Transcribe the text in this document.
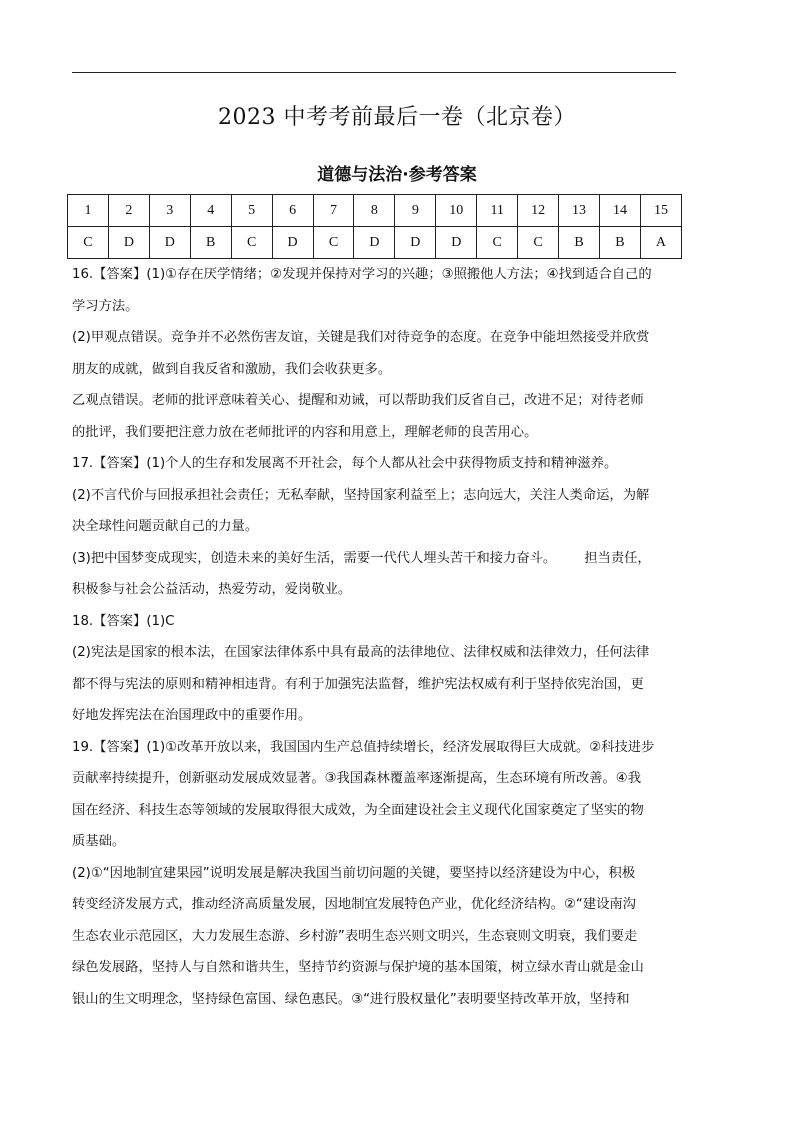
2023 中考考前最后一卷（北京卷）
道德与法治·参考答案
1	2	3	4	5	6	7	8	9	10	11	12	13	14	15
C	D	D	B	C	D	C	D	D	D	C	C	B	B	A

16.【答案】(1)①存在厌学情绪；②发现并保持对学习的兴趣；③照搬他人方法；④找到适合自己的

学习方法。

(2)甲观点错误。竞争并不必然伤害友谊，关键是我们对待竞争的态度。在竞争中能坦然接受并欣赏

朋友的成就，做到自我反省和激励，我们会收获更多。

乙观点错误。老师的批评意味着关心、提醒和劝诫，可以帮助我们反省自己，改进不足；对待老师

的批评，我们要把注意力放在老师批评的内容和用意上，理解老师的良苦用心。

17.【答案】(1)个人的生存和发展离不开社会，每个人都从社会中获得物质支持和精神滋养。

(2)不言代价与回报承担社会责任；无私奉献，坚持国家利益至上；志向远大，关注人类命运，为解

决全球性问题贡献自己的力量。

(3)把中国梦变成现实，创造未来的美好生活，需要一代代人埋头苦干和接力奋斗。 担当责任，

积极参与社会公益活动，热爱劳动，爱岗敬业。

18.【答案】(1)C

(2)宪法是国家的根本法，在国家法律体系中具有最高的法律地位、法律权威和法律效力，任何法律

都不得与宪法的原则和精神相违背。有利于加强宪法监督，维护宪法权威有利于坚持依宪治国，更

好地发挥宪法在治国理政中的重要作用。

19.【答案】(1)①改革开放以来，我国国内生产总值持续增长，经济发展取得巨大成就。②科技进步

贡献率持续提升，创新驱动发展成效显著。③我国森林覆盖率逐渐提高，生态环境有所改善。④我

国在经济、科技生态等领域的发展取得很大成效，为全面建设社会主义现代化国家奠定了坚实的物

质基础。

(2)①“因地制宜建果园”说明发展是解决我国当前切问题的关键，要坚持以经济建设为中心，积极

转变经济发展方式，推动经济高质量发展，因地制宜发展特色产业，优化经济结构。②“建设南沟

生态农业示范园区，大力发展生态游、乡村游”表明生态兴则文明兴，生态衰则文明衰，我们要走

绿色发展路，坚持人与自然和谐共生，坚持节约资源与保护境的基本国策，树立绿水青山就是金山

银山的生文明理念，坚持绿色富国、绿色惠民。③“进行股权量化”表明要坚持改革开放，坚持和
